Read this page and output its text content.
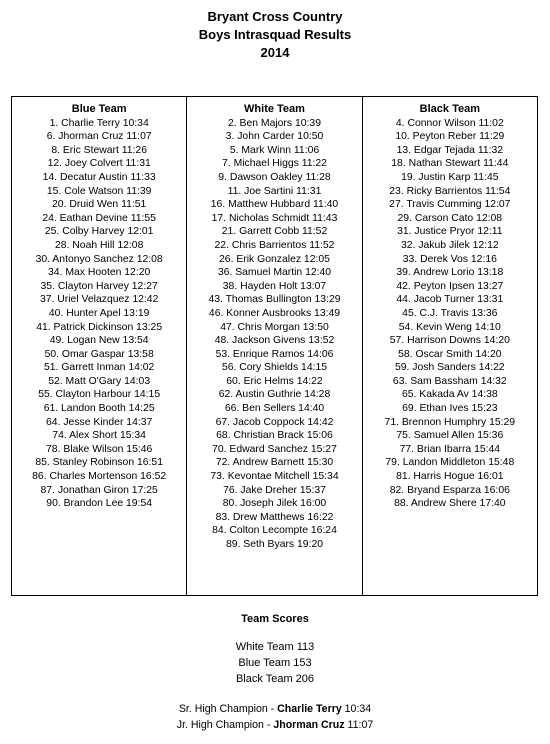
Bryant Cross Country
Boys Intrasquad Results
2014
Blue Team
1. Charlie Terry 10:34
6. Jhorman Cruz 11:07
8. Eric Stewart 11:26
12. Joey Colvert 11:31
14. Decatur Austin 11:33
15. Cole Watson 11:39
20. Druid Wen 11:51
24. Eathan Devine 11:55
25. Colby Harvey 12:01
28. Noah Hill 12:08
30. Antonyo Sanchez 12:08
34. Max Hooten 12:20
35. Clayton Harvey 12:27
37. Uriel Velazquez 12:42
40. Hunter Apel 13:19
41. Patrick Dickinson 13:25
49. Logan New 13:54
50. Omar Gaspar 13:58
51. Garrett Inman 14:02
52. Matt O'Gary 14:03
55. Clayton Harbour 14:15
61. Landon Booth 14:25
64. Jesse Kinder 14:37
74. Alex Short 15:34
78. Blake Wilson 15:46
85. Stanley Robinson 16:51
86. Charles Mortenson 16:52
87. Jonathan Giron 17:25
90. Brandon Lee 19:54
White Team
2. Ben Majors 10:39
3. John Carder 10:50
5. Mark Winn 11:06
7. Michael Higgs 11:22
9. Dawson Oakley 11:28
11. Joe Sartini 11:31
16. Matthew Hubbard 11:40
17. Nicholas Schmidt 11:43
21. Garrett Cobb 11:52
22. Chris Barrientos 11:52
26. Erik Gonzalez 12:05
36. Samuel Martin 12:40
38. Hayden Holt 13:07
43. Thomas Bullington 13:29
46. Konner Ausbrooks 13:49
47. Chris Morgan 13:50
48. Jackson Givens 13:52
53. Enrique Ramos 14:06
56. Cory Shields 14:15
60. Eric Helms 14:22
62. Austin Guthrie 14:28
66. Ben Sellers 14:40
67. Jacob Coppock 14:42
68. Christian Brack 15:06
70. Edward Sanchez 15:27
72. Andrew Barnett 15:30
73. Kevontae Mitchell 15:34
76. Jake Dreher 15:37
80. Joseph Jilek 16:00
83. Drew Matthews 16:22
84. Colton Lecompte 16:24
89. Seth Byars 19:20
Black Team
4. Connor Wilson 11:02
10. Peyton Reber 11:29
13. Edgar Tejada 11:32
18. Nathan Stewart 11:44
19. Justin Karp 11:45
23. Ricky Barrientos 11:54
27. Travis Cumming 12:07
29. Carson Cato 12:08
31. Justice Pryor 12:11
32. Jakub Jilek 12:12
33. Derek Vos 12:16
39. Andrew Lorio 13:18
42. Peyton Ipsen 13:27
44. Jacob Turner 13:31
45. C.J. Travis 13:36
54. Kevin Weng 14:10
57. Harrison Downs 14:20
58. Oscar Smith 14:20
59. Josh Sanders 14:22
63. Sam Bassham 14:32
65. Kakada Av 14:38
69. Ethan Ives 15:23
71. Brennon Humphry 15:29
75. Samuel Allen 15:36
77. Brian Ibarra 15:44
79. Landon Middleton 15:48
81. Harris Hogue 16:01
82. Bryand Esparza 16:06
88. Andrew Shere 17:40
Team Scores
White Team 113
Blue Team 153
Black Team 206
Sr. High Champion - Charlie Terry 10:34
Jr. High Champion - Jhorman Cruz 11:07
